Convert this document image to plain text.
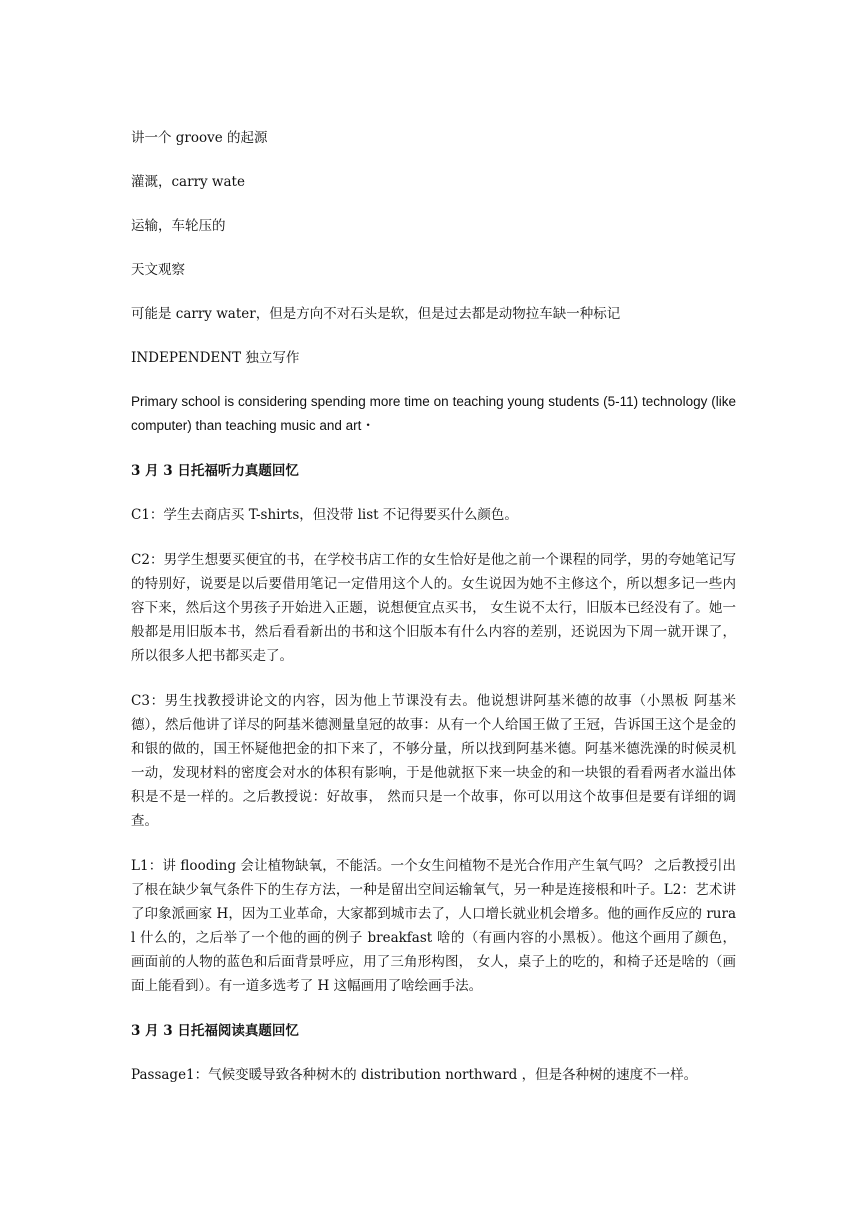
讲一个 groove 的起源

灌溉，carry wate

运输，车轮压的

天文观察

可能是 carry water，但是方向不对石头是软，但是过去都是动物拉车缺一种标记

INDEPENDENT 独立写作

Primary school is considering spending more time on teaching young students (5-11) technology (like computer) than teaching music and art・

3 月 3 日托福听力真题回忆

C1：学生去商店买 T-shirts，但没带 list 不记得要买什么颜色。

C2：男学生想要买便宜的书，在学校书店工作的女生恰好是他之前一个课程的同学，男的夸她笔记写的特别好，说要是以后要借用笔记一定借用这个人的。女生说因为她不主修这个，所以想多记一些内容下来，然后这个男孩子开始进入正题，说想便宜点买书， 女生说不太行，旧版本已经没有了。她一般都是用旧版本书，然后看看新出的书和这个旧版本有什么内容的差别，还说因为下周一就开课了，所以很多人把书都买走了。

C3：男生找教授讲论文的内容，因为他上节课没有去。他说想讲阿基米德的故事（小黑板 阿基米德），然后他讲了详尽的阿基米德测量皇冠的故事：从有一个人给国王做了王冠，告诉国王这个是金的和银的做的，国王怀疑他把金的扣下来了，不够分量，所以找到阿基米德。阿基米德洗澡的时候灵机一动，发现材料的密度会对水的体积有影响，于是他就抠下来一块金的和一块银的看看两者水溢出体积是不是一样的。之后教授说：好故事， 然而只是一个故事，你可以用这个故事但是要有详细的调查。

L1：讲 flooding 会让植物缺氧，不能活。一个女生问植物不是光合作用产生氧气吗？ 之后教授引出了根在缺少氧气条件下的生存方法，一种是留出空间运输氧气，另一种是连接根和叶子。L2：艺术讲了印象派画家 H，因为工业革命，大家都到城市去了，人口增长就业机会增多。他的画作反应的 rural 什么的，之后举了一个他的画的例子 breakfast 啥的（有画内容的小黑板）。他这个画用了颜色， 画面前的人物的蓝色和后面背景呼应，用了三角形构图， 女人，桌子上的吃的，和椅子还是啥的（画面上能看到）。有一道多选考了 H 这幅画用了啥绘画手法。

3 月 3 日托福阅读真题回忆

Passage1：气候变暖导致各种树木的 distribution northward ，但是各种树的速度不一样。
